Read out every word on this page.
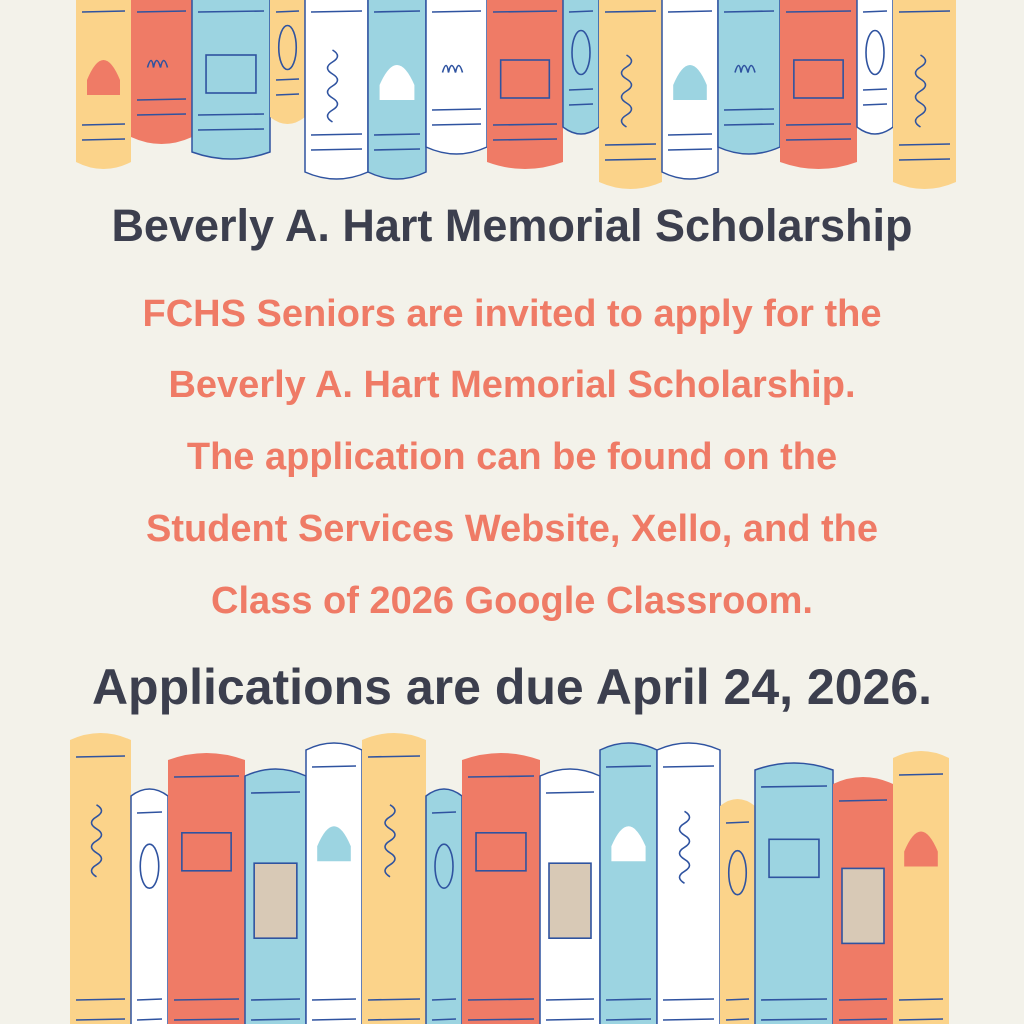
Beverly A. Hart Memorial Scholarship
FCHS Seniors are invited to apply for the
Beverly A. Hart Memorial Scholarship.
The application can be found on the
Student Services Website, Xello, and the
Class of 2026 Google Classroom.
Applications are due April 24, 2026.
